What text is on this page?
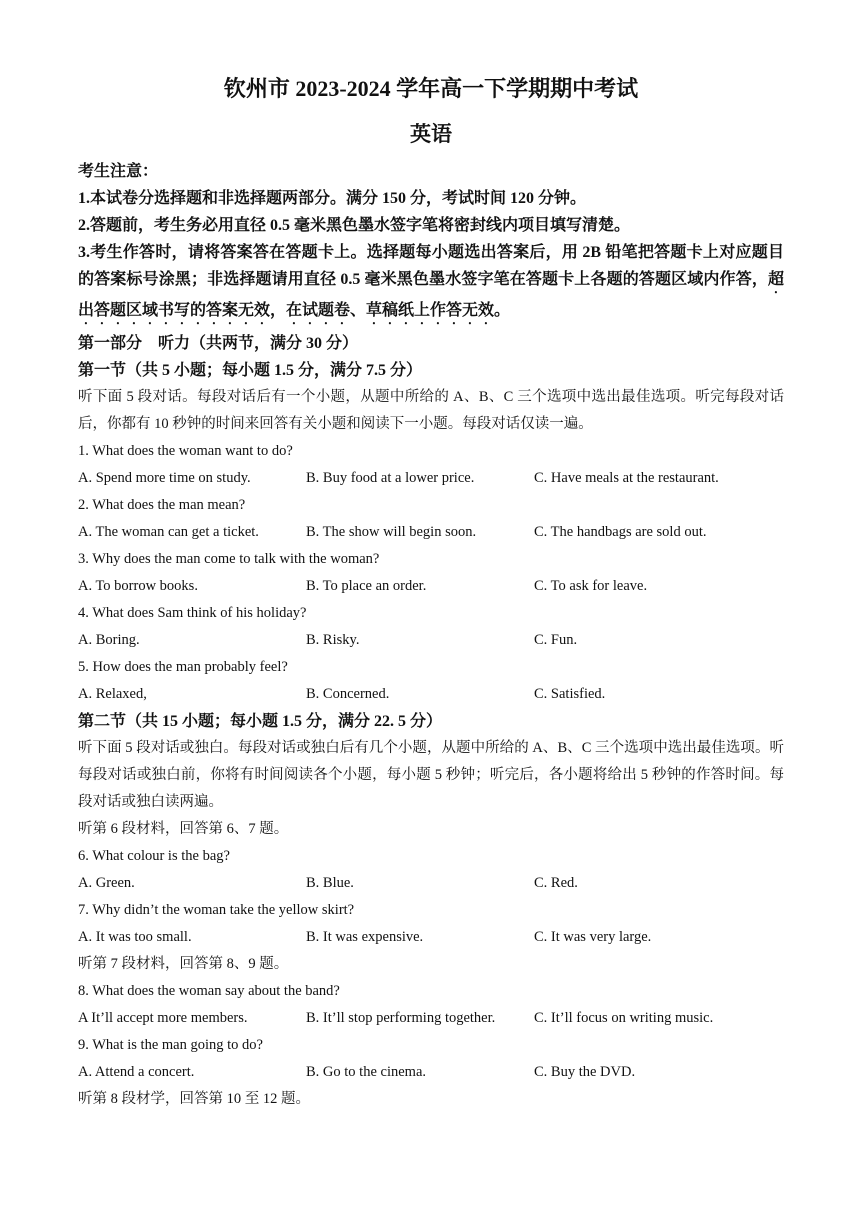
钦州市 2023-2024 学年高一下学期期中考试
英语
考生注意：

1.本试卷分选择题和非选择题两部分。满分 150 分，考试时间 120 分钟。

2.答题前，考生务必用直径 0.5 毫米黑色墨水签字笔将密封线内项目填写清楚。

3.考生作答时，请将答案答在答题卡上。选择题每小题选出答案后，用 2B 铅笔把答题卡上对应题目的答案标号涂黑；非选择题请用直径 0.5 毫米黑色墨水签字笔在答题卡上各题的答题区域内作答，超出答题区域书写的答案无效，在试题卷、草稿纸上作答无效。

第一部分　听力（共两节，满分 30 分）
第一节（共 5 小题；每小题 1.5 分，满分 7.5 分）

听下面 5 段对话。每段对话后有一个小题，从题中所给的 A、B、C 三个选项中选出最佳选项。听完每段对话后，你都有 10 秒钟的时间来回答有关小题和阅读下一小题。每段对话仅读一遍。

1. What does the woman want to do?
A. Spend more time on study.	B. Buy food at a lower price.	C. Have meals at the restaurant.
2. What does the man mean?
A. The woman can get a ticket.	B. The show will begin soon.	C. The handbags are sold out.
3. Why does the man come to talk with the woman?
A. To borrow books.	B. To place an order.	C. To ask for leave.
4. What does Sam think of his holiday?
A. Boring.	B. Risky.	C. Fun.
5. How does the man probably feel?
A. Relaxed,	B. Concerned.	C. Satisfied.
第二节（共 15 小题；每小题 1.5 分，满分 22. 5 分）

听下面 5 段对话或独白。每段对话或独白后有几个小题，从题中所给的 A、B、C 三个选项中选出最佳选项。听每段对话或独白前，你将有时间阅读各个小题，每小题 5 秒钟；听完后，各小题将给出 5 秒钟的作答时间。每段对话或独白读两遍。

听第 6 段材料，回答第 6、7 题。
6. What colour is the bag?
A. Green.	B. Blue.	C. Red.
7. Why didn’t the woman take the yellow skirt?
A. It was too small.	B. It was expensive.	C. It was very large.
听第 7 段材料，回答第 8、9 题。
8. What does the woman say about the band?
A It’ll accept more members.	B. It’ll stop performing together.	C. It’ll focus on writing music.
9. What is the man going to do?
A. Attend a concert.	B. Go to the cinema.	C. Buy the DVD.
听第 8 段材学，回答第 10 至 12 题。
